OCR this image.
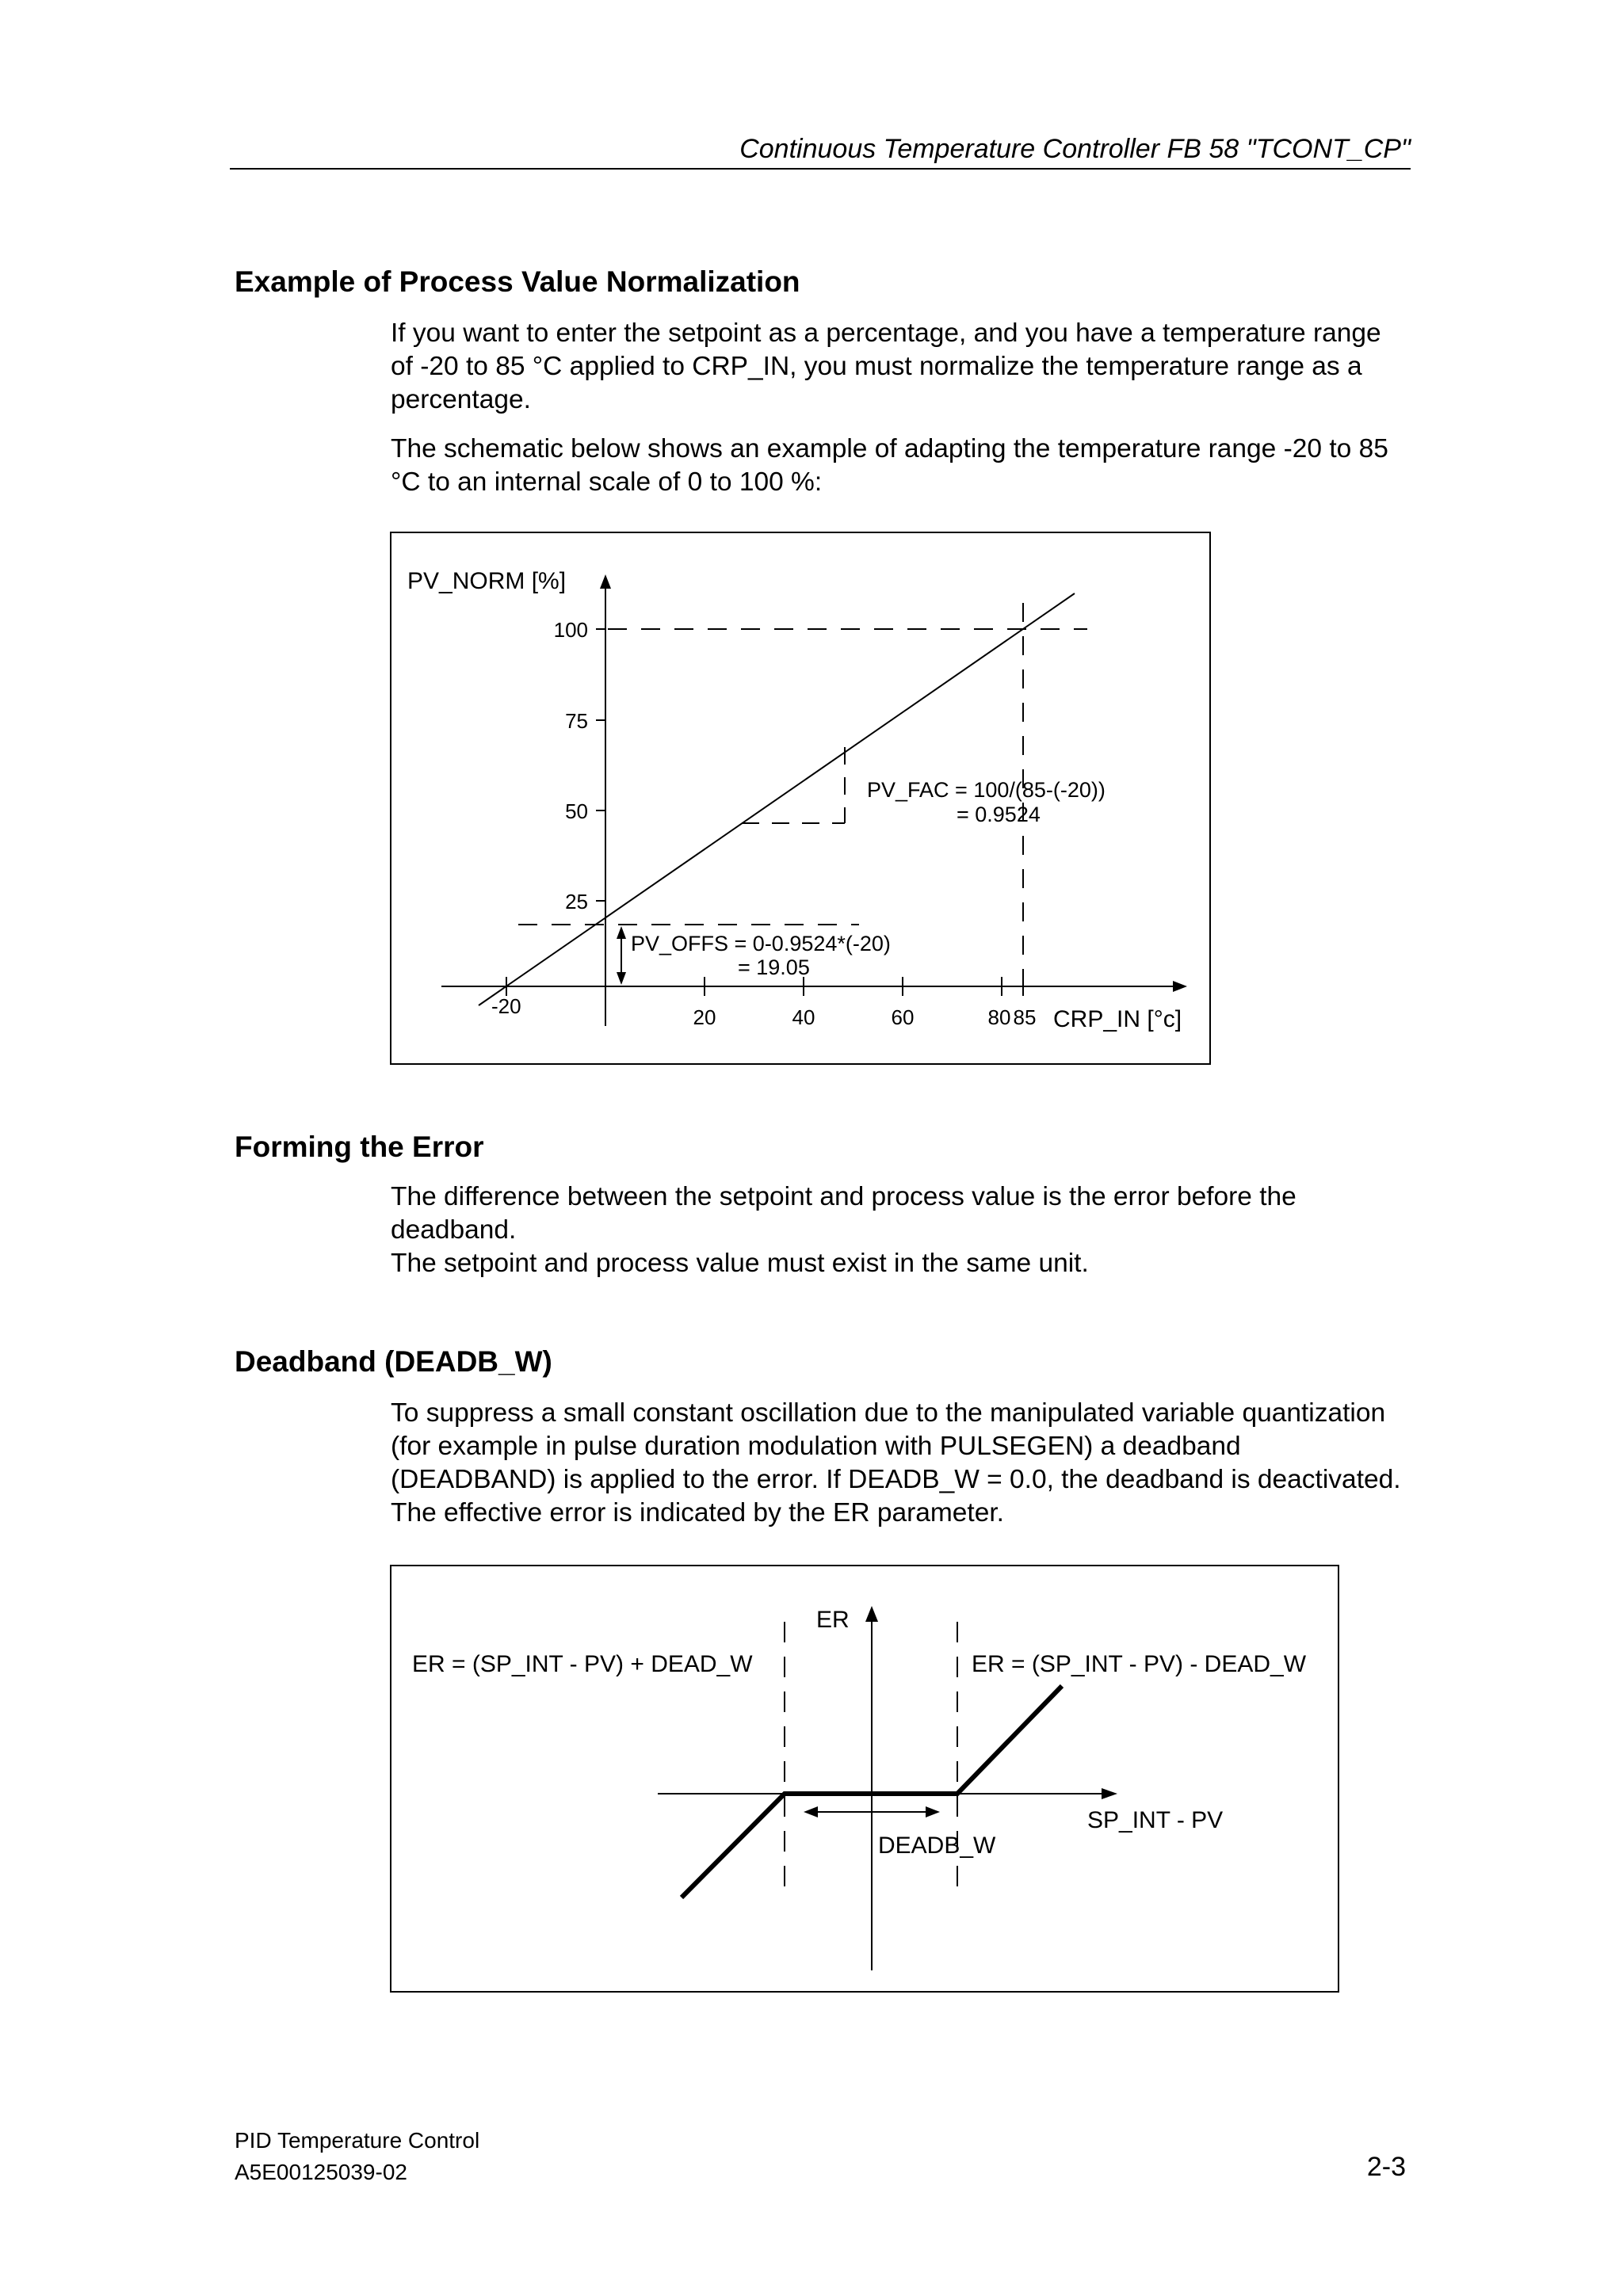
Continuous Temperature Controller FB 58 "TCONT_CP"
Example of Process Value Normalization

If you want to enter the setpoint as a percentage, and you have a temperature range of -20 to 85 °C applied to CRP_IN, you must normalize the temperature range as a percentage.

The schematic below shows an example of adapting the temperature range -20 to 85 °C to an internal scale of 0 to 100 %:

PV_NORM [%]
100
75
50
25
-20	20	40	60	80 85 CRP_IN [°c]
PV_FAC = 100/(85-(-20))
= 0.9524
PV_OFFS = 0-0.9524*(-20)
= 19.05
Forming the Error

The difference between the setpoint and process value is the error before the deadband.

The setpoint and process value must exist in the same unit.

Deadband (DEADB_W)

To suppress a small constant oscillation due to the manipulated variable quantization (for example in pulse duration modulation with PULSEGEN) a deadband (DEADBAND) is applied to the error. If DEADB_W = 0.0, the deadband is deactivated. The effective error is indicated by the ER parameter.

ER
ER = (SP_INT - PV) + DEAD_W	ER = (SP_INT - PV) - DEAD_W
SP_INT - PV
DEADB_W
PID Temperature Control
A5E00125039-02	2-3
